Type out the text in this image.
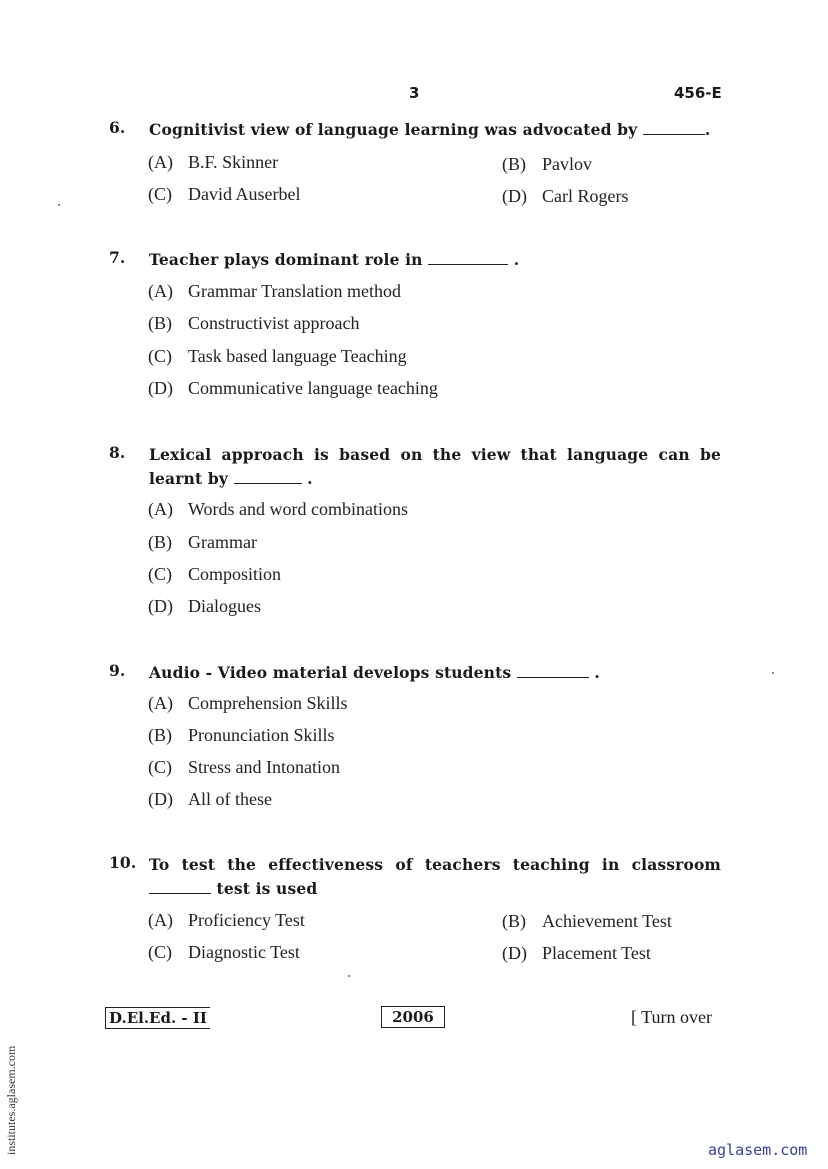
3	456-E
6. Cognitivist view of language learning was advocated by	.
(A) B.F. Skinner	(B) Pavlov
(C) David Auserbel	(D) Carl Rogers
7. Teacher plays dominant role in	.
(A) Grammar Translation method
(B) Constructivist approach
(C) Task based language Teaching
(D) Communicative language teaching
8. Lexical approach is based on the view that language can be
learnt by	.
(A) Words and word combinations
(B) Grammar
(C) Composition
(D) Dialogues
9. Audio - Video material develops students	.
(A) Comprehension Skills
(B) Pronunciation Skills
(C) Stress and Intonation
(D) All of these
10. To test the effectiveness of teachers teaching in classroom
test is used
(A) Proficiency Test	(B) Achievement Test
(C) Diagnostic Test	(D) Placement Test
D.El.Ed. - II	2006	[ Turn over
institutes.aglasem.com	aglasem.com
